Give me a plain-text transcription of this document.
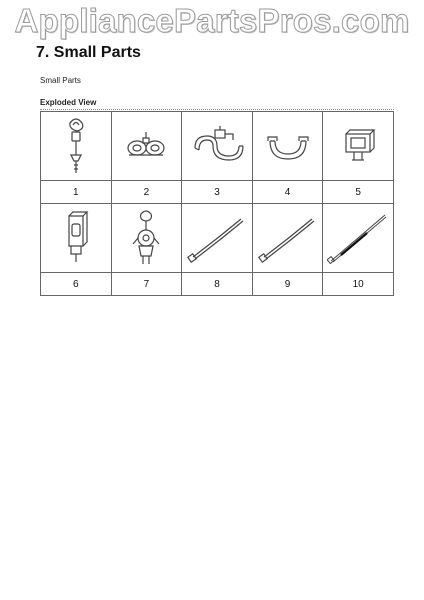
AppliancePartsPros.com
7. Small Parts
Small Parts
Exploded View

1	2	3	4	5

6	7	8	9	10
